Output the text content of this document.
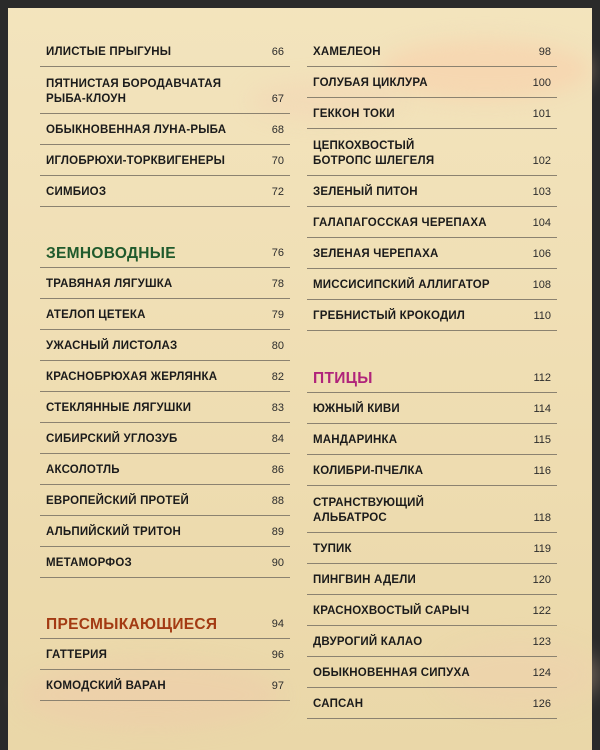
ИЛИСТЫЕ ПРЫГУНЫ	66
ПЯТНИСТАЯ БОРОДАВЧАТАЯ
РЫБА-КЛОУН	67
ОБЫКНОВЕННАЯ ЛУНА-РЫБА	68
ИГЛОБРЮХИ-ТОРКВИГЕНЕРЫ	70
СИМБИОЗ	72
ЗЕМНОВОДНЫЕ	76
ТРАВЯНАЯ ЛЯГУШКА	78
АТЕЛОП ЦЕТЕКА	79
УЖАСНЫЙ ЛИСТОЛАЗ	80
КРАСНОБРЮХАЯ ЖЕРЛЯНКА	82
СТЕКЛЯННЫЕ ЛЯГУШКИ	83
СИБИРСКИЙ УГЛОЗУБ	84
АКСОЛОТЛЬ	86
ЕВРОПЕЙСКИЙ ПРОТЕЙ	88
АЛЬПИЙСКИЙ ТРИТОН	89
МЕТАМОРФОЗ	90
ПРЕСМЫКАЮЩИЕСЯ	94
ГАТТЕРИЯ	96
КОМОДСКИЙ ВАРАН	97
ХАМЕЛЕОН	98
ГОЛУБАЯ ЦИКЛУРА	100
ГЕККОН ТОКИ	101
ЦЕПКОХВОСТЫЙ
БОТРОПС ШЛЕГЕЛЯ	102
ЗЕЛЕНЫЙ ПИТОН	103
ГАЛАПАГОССКАЯ ЧЕРЕПАХА	104
ЗЕЛЕНАЯ ЧЕРЕПАХА	106
МИССИСИПСКИЙ АЛЛИГАТОР	108
ГРЕБНИСТЫЙ КРОКОДИЛ	110
ПТИЦЫ	112
ЮЖНЫЙ КИВИ	114
МАНДАРИНКА	115
КОЛИБРИ-ПЧЕЛКА	116
СТРАНСТВУЮЩИЙ
АЛЬБАТРОС	118
ТУПИК	119
ПИНГВИН АДЕЛИ	120
КРАСНОХВОСТЫЙ САРЫЧ	122
ДВУРОГИЙ КАЛАО	123
ОБЫКНОВЕННАЯ СИПУХА	124
САПСАН	126
